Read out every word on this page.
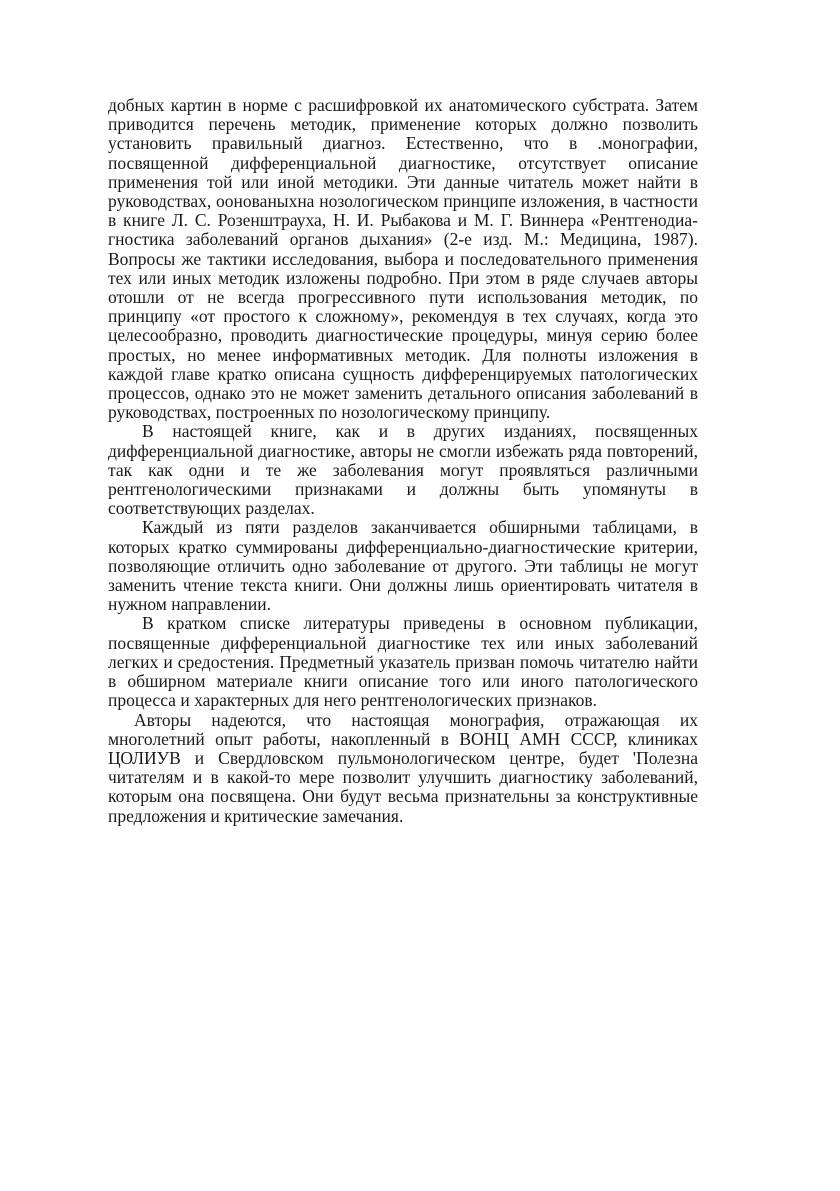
добных картин в норме с расшифровкой их анатомического субстрата. Затем приводится перечень методик, применение которых должно позволить установить правильный диагноз. Естественно, что в .монографии, посвященной дифференциальной диагностике, отсутствует описание применения той или иной методики. Эти данные читатель может найти в руководствах, оонованыхна нозологическом принципе изложения, в частности в книге Л. С. Розенштрауха, Н. И. Рыбакова и М. Г. Виннера «Рентгенодиагностика заболеваний органов дыхания» (2-е изд. М.: Медицина, 1987). Вопросы же тактики исследования, выбора и последовательного применения тех или иных методик изложены подробно. При этом в ряде случаев авторы отошли от не всегда прогрессивного пути использования методик, по принципу «от простого к сложному», рекомендуя в тех случаях, когда это целесообразно, проводить диагностические процедуры, минуя серию более простых, но менее информативных методик. Для полноты изложения в каждой главе кратко описана сущность дифференцируемых патологических процессов, однако это не может заменить детального описания заболеваний в руководствах, построенных по нозологическому принципу.

В настоящей книге, как и в других изданиях, посвященных дифференциальной диагностике, авторы не смогли избежать ряда повторений, так как одни и те же заболевания могут проявляться различными рентгенологическими признаками и должны быть упомянуты в соответствующих разделах.

Каждый из пяти разделов заканчивается обширными таблицами, в которых кратко суммированы дифференциально-диагностические критерии, позволяющие отличить одно заболевание от другого. Эти таблицы не могут заменить чтение текста книги. Они должны лишь ориентировать читателя в нужном направлении.

В кратком списке литературы приведены в основном публикации, посвященные дифференциальной диагностике тех или иных заболеваний легких и средостения. Предметный указатель призван помочь читателю найти в обширном материале книги описание того или иного патологического процесса и характерных для него рентгенологических признаков.

Авторы надеются, что настоящая монография, отражающая их многолетний опыт работы, накопленный в ВОНЦ АМН СССР, клиниках ЦОЛИУВ и Свердловском пульмонологическом центре, будет 'Полезна читателям и в какой-то мере позволит улучшить диагностику заболеваний, которым она посвящена. Они будут весьма признательны за конструктивные предложения и критические замечания.
